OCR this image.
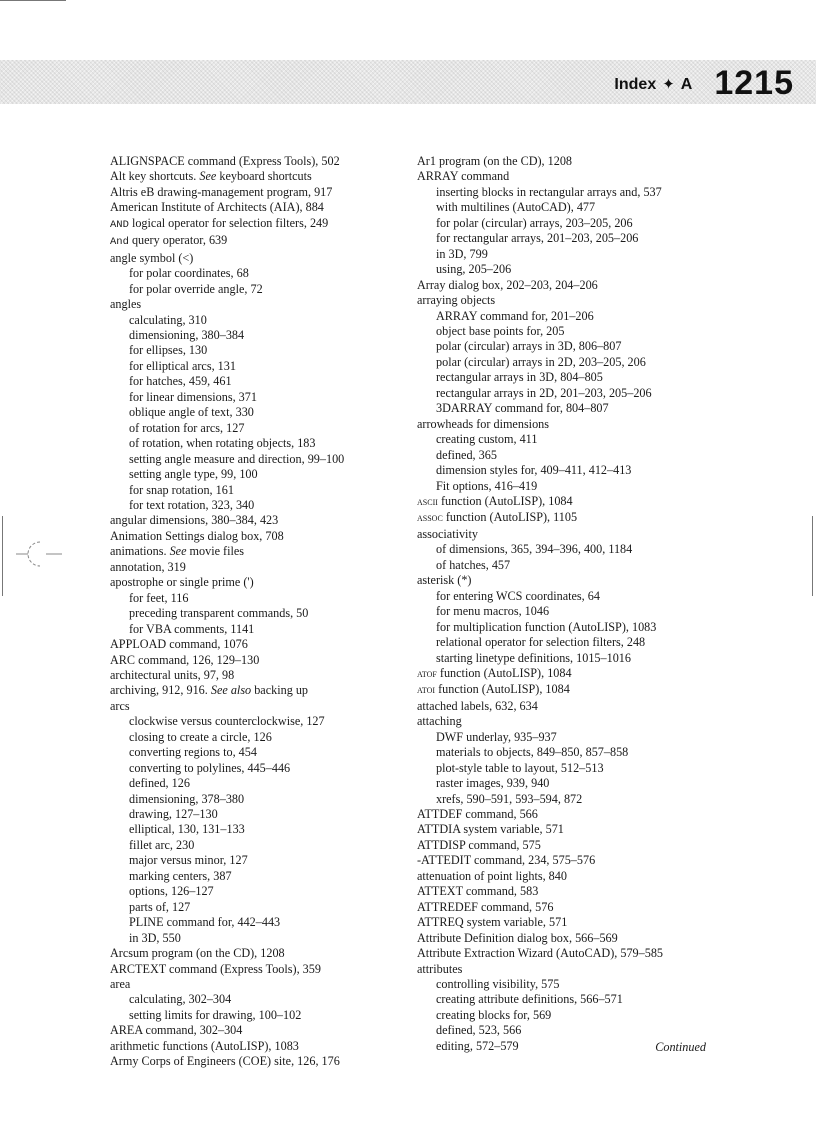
Index ✦ A 1215
ALIGNSPACE command (Express Tools), 502
Alt key shortcuts. See keyboard shortcuts
Altris eB drawing-management program, 917
American Institute of Architects (AIA), 884
AND logical operator for selection filters, 249
And query operator, 639
angle symbol (<)
for polar coordinates, 68
for polar override angle, 72
angles
calculating, 310
dimensioning, 380–384
for ellipses, 130
for elliptical arcs, 131
for hatches, 459, 461
for linear dimensions, 371
oblique angle of text, 330
of rotation for arcs, 127
of rotation, when rotating objects, 183
setting angle measure and direction, 99–100
setting angle type, 99, 100
for snap rotation, 161
for text rotation, 323, 340
angular dimensions, 380–384, 423
Animation Settings dialog box, 708
animations. See movie files
annotation, 319
apostrophe or single prime (')
for feet, 116
preceding transparent commands, 50
for VBA comments, 1141
APPLOAD command, 1076
ARC command, 126, 129–130
architectural units, 97, 98
archiving, 912, 916. See also backing up
arcs
clockwise versus counterclockwise, 127
closing to create a circle, 126
converting regions to, 454
converting to polylines, 445–446
defined, 126
dimensioning, 378–380
drawing, 127–130
elliptical, 130, 131–133
fillet arc, 230
major versus minor, 127
marking centers, 387
options, 126–127
parts of, 127
PLINE command for, 442–443
in 3D, 550
Arcsum program (on the CD), 1208
ARCTEXT command (Express Tools), 359
area
calculating, 302–304
setting limits for drawing, 100–102
AREA command, 302–304
arithmetic functions (AutoLISP), 1083
Army Corps of Engineers (COE) site, 126, 176
Ar1 program (on the CD), 1208
ARRAY command
inserting blocks in rectangular arrays and, 537
with multilines (AutoCAD), 477
for polar (circular) arrays, 203–205, 206
for rectangular arrays, 201–203, 205–206
in 3D, 799
using, 205–206
Array dialog box, 202–203, 204–206
arraying objects
ARRAY command for, 201–206
object base points for, 205
polar (circular) arrays in 3D, 806–807
polar (circular) arrays in 2D, 203–205, 206
rectangular arrays in 3D, 804–805
rectangular arrays in 2D, 201–203, 205–206
3DARRAY command for, 804–807
arrowheads for dimensions
creating custom, 411
defined, 365
dimension styles for, 409–411, 412–413
Fit options, 416–419
ascii function (AutoLISP), 1084
assoc function (AutoLISP), 1105
associativity
of dimensions, 365, 394–396, 400, 1184
of hatches, 457
asterisk (*)
for entering WCS coordinates, 64
for menu macros, 1046
for multiplication function (AutoLISP), 1083
relational operator for selection filters, 248
starting linetype definitions, 1015–1016
atof function (AutoLISP), 1084
atoi function (AutoLISP), 1084
attached labels, 632, 634
attaching
DWF underlay, 935–937
materials to objects, 849–850, 857–858
plot-style table to layout, 512–513
raster images, 939, 940
xrefs, 590–591, 593–594, 872
ATTDEF command, 566
ATTDIA system variable, 571
ATTDISP command, 575
-ATTEDIT command, 234, 575–576
attenuation of point lights, 840
ATTEXT command, 583
ATTREDEF command, 576
ATTREQ system variable, 571
Attribute Definition dialog box, 566–569
Attribute Extraction Wizard (AutoCAD), 579–585
attributes
controlling visibility, 575
creating attribute definitions, 566–571
creating blocks for, 569
defined, 523, 566
editing, 572–579	Continued
